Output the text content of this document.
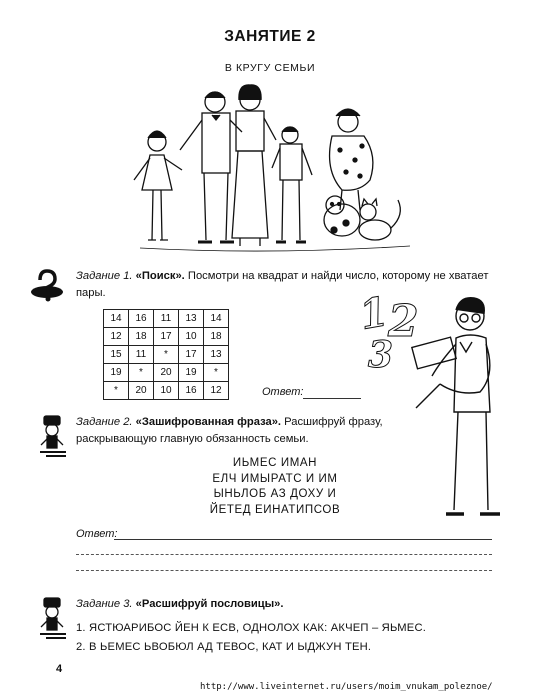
ЗАНЯТИЕ 2
В КРУГУ СЕМЬИ
Задание 1. «Поиск». Посмотри на квадрат и найди число, которому не хватает пары.
14	16	11	13	14
12	18	17	10	18
15	11	*	17	13
19	*	20	19	*
*	20	10	16	12	Ответ:
1
2
3
Задание 2. «Зашифрованная фраза». Расшифруй фразу,
раскрывающую главную обязанность семьи.
ИЬМЕС ИМАН
ЕЛЧ ИМЫРАТС И ИМ
ЫНЬЛОБ АЗ ДОХУ И
ЙЕТЕД ЕИНАТИПСОВ
Ответ:
Задание 3. «Расшифруй пословицы».
1. ЯСТЮАРИБОС ЙЕН К ЕСВ, ОДНОЛОХ КАК: АКЧЕП – ЯЬМЕС.
2. В ЬЕМЕС ЬВОБЮЛ АД ТЕВОС, КАТ И ЫДЖУН ТЕН.
4
http://www.liveinternet.ru/users/moim_vnukam_poleznoe/
